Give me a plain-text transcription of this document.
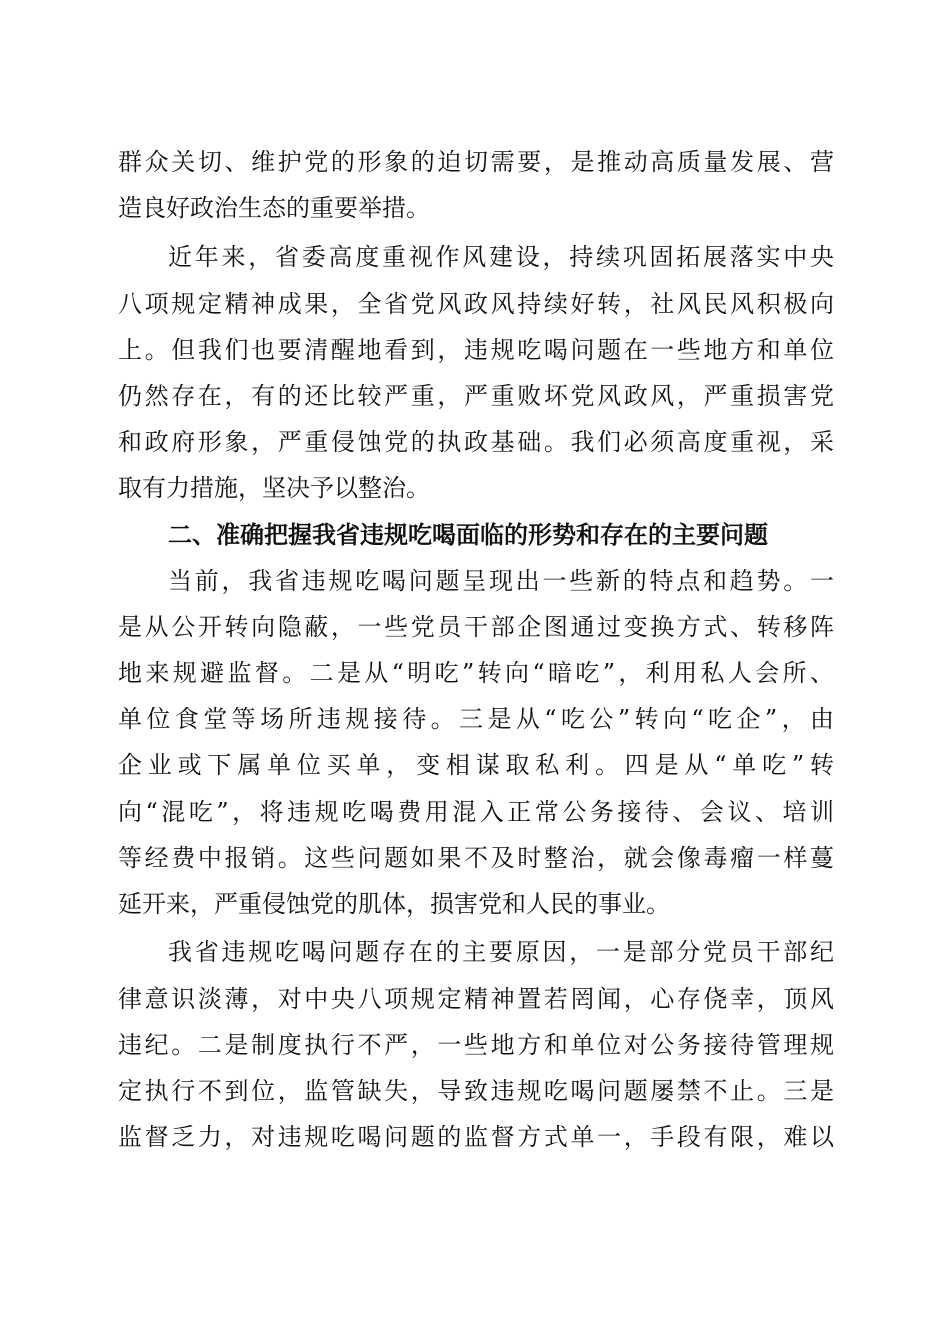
群众关切、维护党的形象的迫切需要，是推动高质量发展、营
造良好政治生态的重要举措。
近年来，省委高度重视作风建设，持续巩固拓展落实中央
八项规定精神成果，全省党风政风持续好转，社风民风积极向
上。但我们也要清醒地看到，违规吃喝问题在一些地方和单位
仍然存在，有的还比较严重，严重败坏党风政风，严重损害党
和政府形象，严重侵蚀党的执政基础。我们必须高度重视，采
取有力措施，坚决予以整治。
二、准确把握我省违规吃喝面临的形势和存在的主要问题
当前，我省违规吃喝问题呈现出一些新的特点和趋势。一
是从公开转向隐蔽，一些党员干部企图通过变换方式、转移阵
地来规避监督。二是从“明吃”转向“暗吃”，利用私人会所、
单位食堂等场所违规接待。三是从“吃公”转向“吃企”，由
企业或下属单位买单，变相谋取私利。四是从“单吃”转
向“混吃”，将违规吃喝费用混入正常公务接待、会议、培训
等经费中报销。这些问题如果不及时整治，就会像毒瘤一样蔓
延开来，严重侵蚀党的肌体，损害党和人民的事业。
我省违规吃喝问题存在的主要原因，一是部分党员干部纪
律意识淡薄，对中央八项规定精神置若罔闻，心存侥幸，顶风
违纪。二是制度执行不严，一些地方和单位对公务接待管理规
定执行不到位，监管缺失，导致违规吃喝问题屡禁不止。三是
监督乏力，对违规吃喝问题的监督方式单一，手段有限，难以
